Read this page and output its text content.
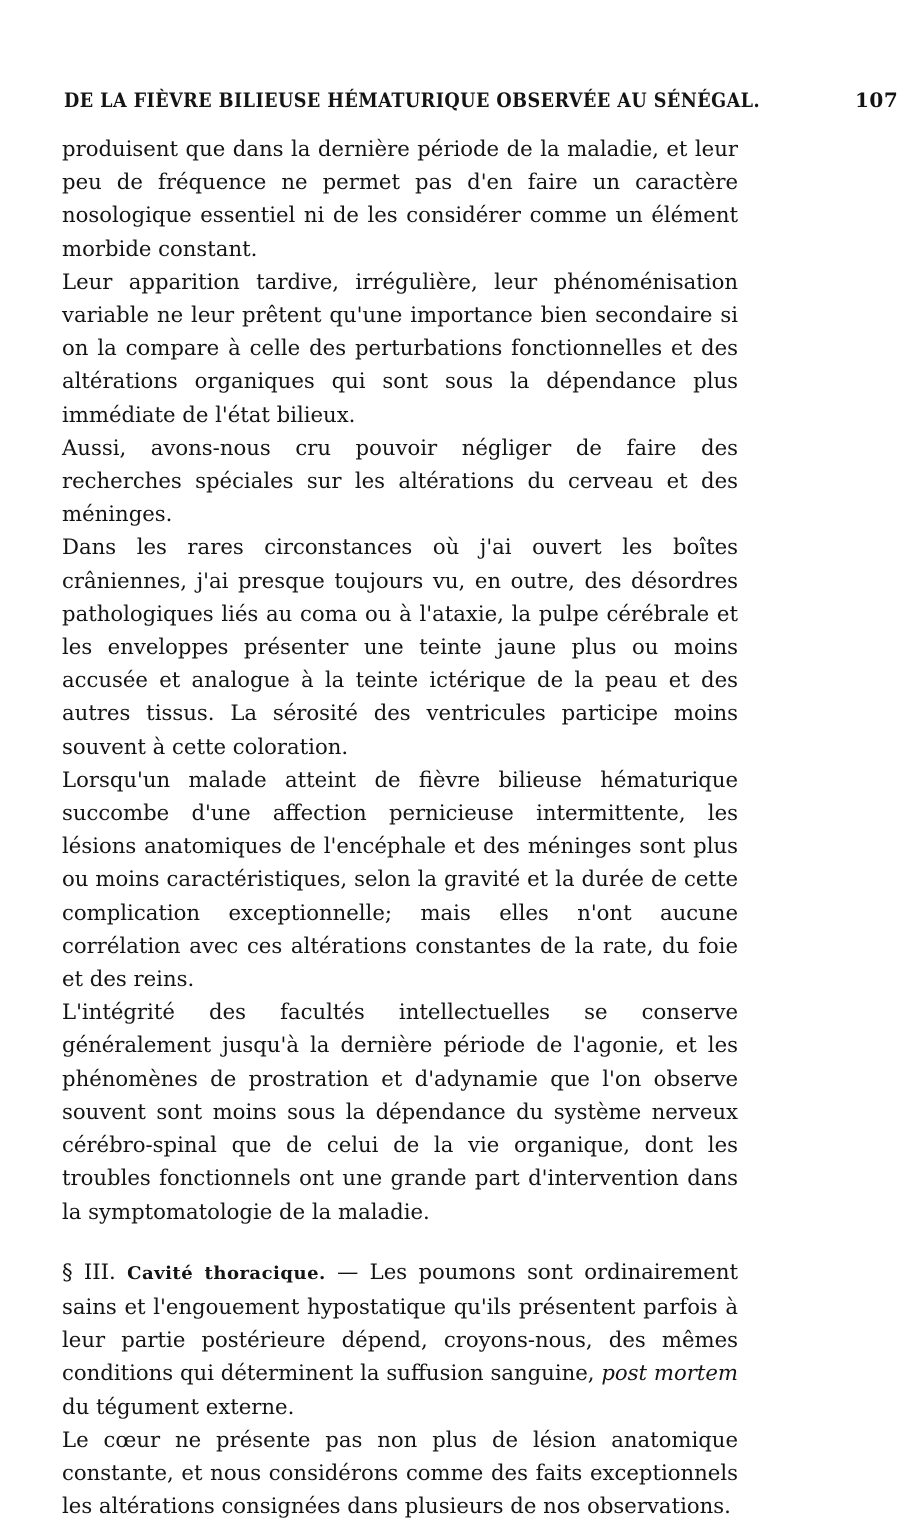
DE LA FIÈVRE BILIEUSE HÉMATURIQUE OBSERVÉE AU SÉNÉGAL.	107

produisent que dans la dernière période de la maladie, et leur peu de fréquence ne permet pas d'en faire un caractère nosologique essentiel ni de les considérer comme un élément morbide constant.

Leur apparition tardive, irrégulière, leur phénoménisation variable ne leur prêtent qu'une importance bien secondaire si on la compare à celle des perturbations fonctionnelles et des altérations organiques qui sont sous la dépendance plus immédiate de l'état bilieux.

Aussi, avons-nous cru pouvoir négliger de faire des recherches spéciales sur les altérations du cerveau et des méninges.

Dans les rares circonstances où j'ai ouvert les boîtes crâniennes, j'ai presque toujours vu, en outre, des désordres pathologiques liés au coma ou à l'ataxie, la pulpe cérébrale et les enveloppes présenter une teinte jaune plus ou moins accusée et analogue à la teinte ictérique de la peau et des autres tissus. La sérosité des ventricules participe moins souvent à cette coloration.

Lorsqu'un malade atteint de fièvre bilieuse hématurique succombe d'une affection pernicieuse intermittente, les lésions anatomiques de l'encéphale et des méninges sont plus ou moins caractéristiques, selon la gravité et la durée de cette complication exceptionnelle; mais elles n'ont aucune corrélation avec ces altérations constantes de la rate, du foie et des reins.

L'intégrité des facultés intellectuelles se conserve généralement jusqu'à la dernière période de l'agonie, et les phénomènes de prostration et d'adynamie que l'on observe souvent sont moins sous la dépendance du système nerveux cérébro-spinal que de celui de la vie organique, dont les troubles fonctionnels ont une grande part d'intervention dans la symptomatologie de la maladie.

§ III. Cavité thoracique. — Les poumons sont ordinairement sains et l'engouement hypostatique qu'ils présentent parfois à leur partie postérieure dépend, croyons-nous, des mêmes conditions qui déterminent la suffusion sanguine, post mortem du tégument externe.

Le cœur ne présente pas non plus de lésion anatomique constante, et nous considérons comme des faits exceptionnels les altérations consignées dans plusieurs de nos observations.
